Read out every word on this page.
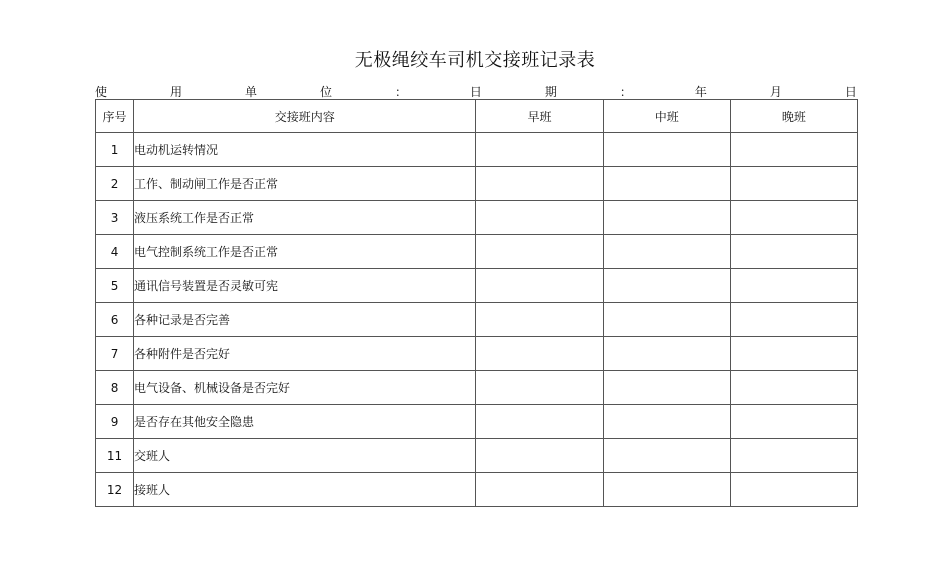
无极绳绞车司机交接班记录表
使	用	单	位	：	日	期	：	年	月	日
序号	交接班内容	早班	中班	晚班
1	电动机运转情况			
2	工作、制动闸工作是否正常			
3	液压系统工作是否正常			
4	电气控制系统工作是否正常			
5	通讯信号装置是否灵敏可宪			
6	各种记录是否完善			
7	各种附件是否完好			
8	电气设备、机械设备是否完好			
9	是否存在其他安全隐患			
11	交班人			
12	接班人			
